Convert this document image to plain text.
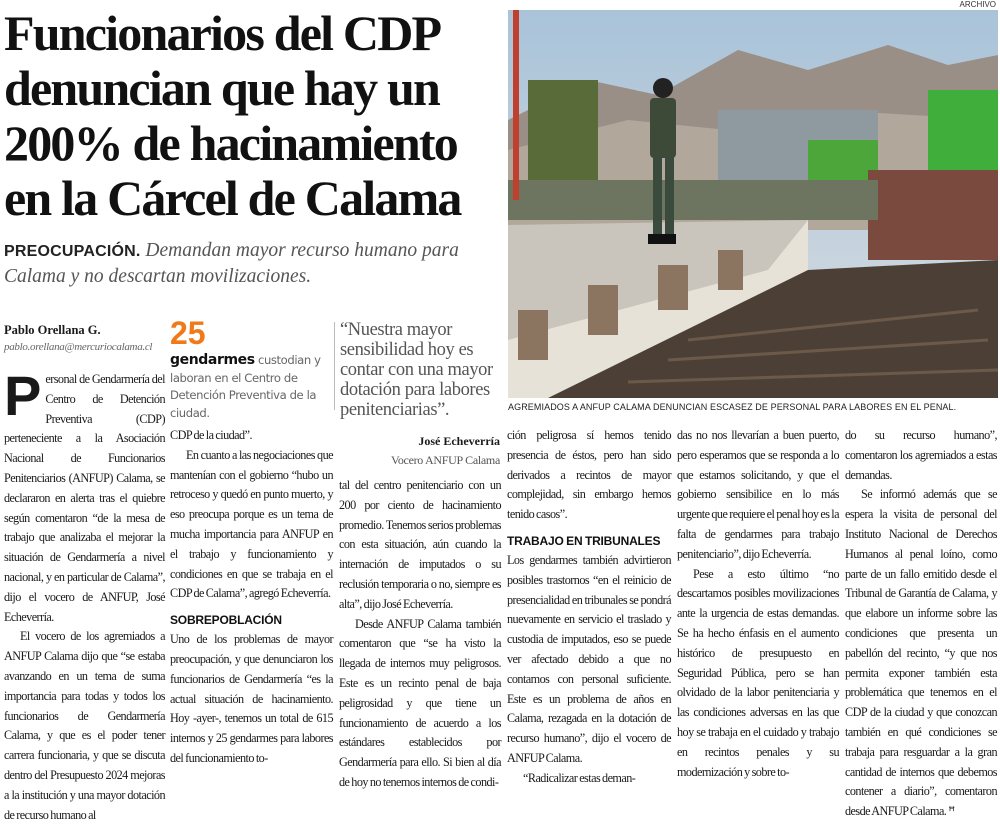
ARCHIVO
Funcionarios del CDP denuncian que hay un 200% de hacinamiento en la Cárcel de Calama
PREOCUPACIÓN. Demandan mayor recurso humano para Calama y no descartan movilizaciones.
Pablo Orellana G.
pablo.orellana@mercuriocalama.cl

Personal de Gendarmería del Centro de Detención Preventiva (CDP) perteneciente a la Asociación Nacional de Funcionarios Penitenciarios (ANFUP) Calama, se declararon en alerta tras el quiebre según comentaron “de la mesa de trabajo que analizaba el mejorar la situación de Gendarmería a nivel nacional, y en particular de Calama”, dijo el vocero de ANFUP, José Echeverría.

El vocero de los agremiados a ANFUP Calama dijo que “se estaba avanzando en un tema de suma importancia para todas y todos los funcionarios de Gendarmería Calama, y que es el poder tener carrera funcionaria, y que se discuta dentro del Presupuesto 2024 mejoras a la institución y una mayor dotación de recurso humano al

25
gendarmes custodian y laboran en el Centro de Detención Preventiva de la ciudad.

CDP de la ciudad”.

En cuanto a las negociaciones que mantenían con el gobierno “hubo un retroceso y quedó en punto muerto, y eso preocupa porque es un tema de mucha importancia para ANFUP en el trabajo y funcionamiento y condiciones en que se trabaja en el CDP de Calama”, agregó Echeverría.

SOBREPOBLACIÓN

Uno de los problemas de mayor preocupación, y que denunciaron los funcionarios de Gendarmería “es la actual situación de hacinamiento. Hoy -ayer-, tenemos un total de 615 internos y 25 gendarmes para labores del funcionamiento to-

“Nuestra mayor sensibilidad hoy es contar con una mayor dotación para labores penitenciarias”.
José Echeverría
Vocero ANFUP Calama

tal del centro penitenciario con un 200 por ciento de hacinamiento promedio. Tenemos serios problemas con esta situación, aún cuando la internación de imputados o su reclusión temporaria o no, siempre es alta”, dijo José Echeverría.

Desde ANFUP Calama también comentaron que “se ha visto la llegada de internos muy peligrosos. Este es un recinto penal de baja peligrosidad y que tiene un funcionamiento de acuerdo a los estándares establecidos por Gendarmería para ello. Si bien al día de hoy no tenemos internos de condi-

AGREMIADOS A ANFUP CALAMA DENUNCIAN ESCASEZ DE PERSONAL PARA LABORES EN EL PENAL.

ción peligrosa sí hemos tenido presencia de éstos, pero han sido derivados a recintos de mayor complejidad, sin embargo hemos tenido casos”.

TRABAJO EN TRIBUNALES

Los gendarmes también advirtieron posibles trastornos “en el reinicio de presencialidad en tribunales se pondrá nuevamente en servicio el traslado y custodia de imputados, eso se puede ver afectado debido a que no contamos con personal suficiente. Este es un problema de años en Calama, rezagada en la dotación de recurso humano”, dijo el vocero de ANFUP Calama.

“Radicalizar estas deman-

das no nos llevarían a buen puerto, pero esperamos que se responda a lo que estamos solicitando, y que el gobierno sensibilice en lo más urgente que requiere el penal hoy es la falta de gendarmes para trabajo penitenciario”, dijo Echeverría.

Pese a esto último “no descartamos posibles movilizaciones ante la urgencia de estas demandas. Se ha hecho énfasis en el aumento histórico de presupuesto en Seguridad Pública, pero se han olvidado de la labor penitenciaria y las condiciones adversas en las que hoy se trabaja en el cuidado y trabajo en recintos penales y su modernización y sobre to-

do su recurso humano”, comentaron los agremiados a estas demandas.

Se informó además que se espera la visita de personal del Instituto Nacional de Derechos Humanos al penal loíno, como parte de un fallo emitido desde el Tribunal de Garantía de Calama, y que elabore un informe sobre las condiciones que presenta un pabellón del recinto, “y que nos permita exponer también esta problemática que tenemos en el CDP de la ciudad y que conozcan también en qué condiciones se trabaja para resguardar a la gran cantidad de internos que debemos contener a diario”, comentaron desde ANFUP Calama. ꟸ
